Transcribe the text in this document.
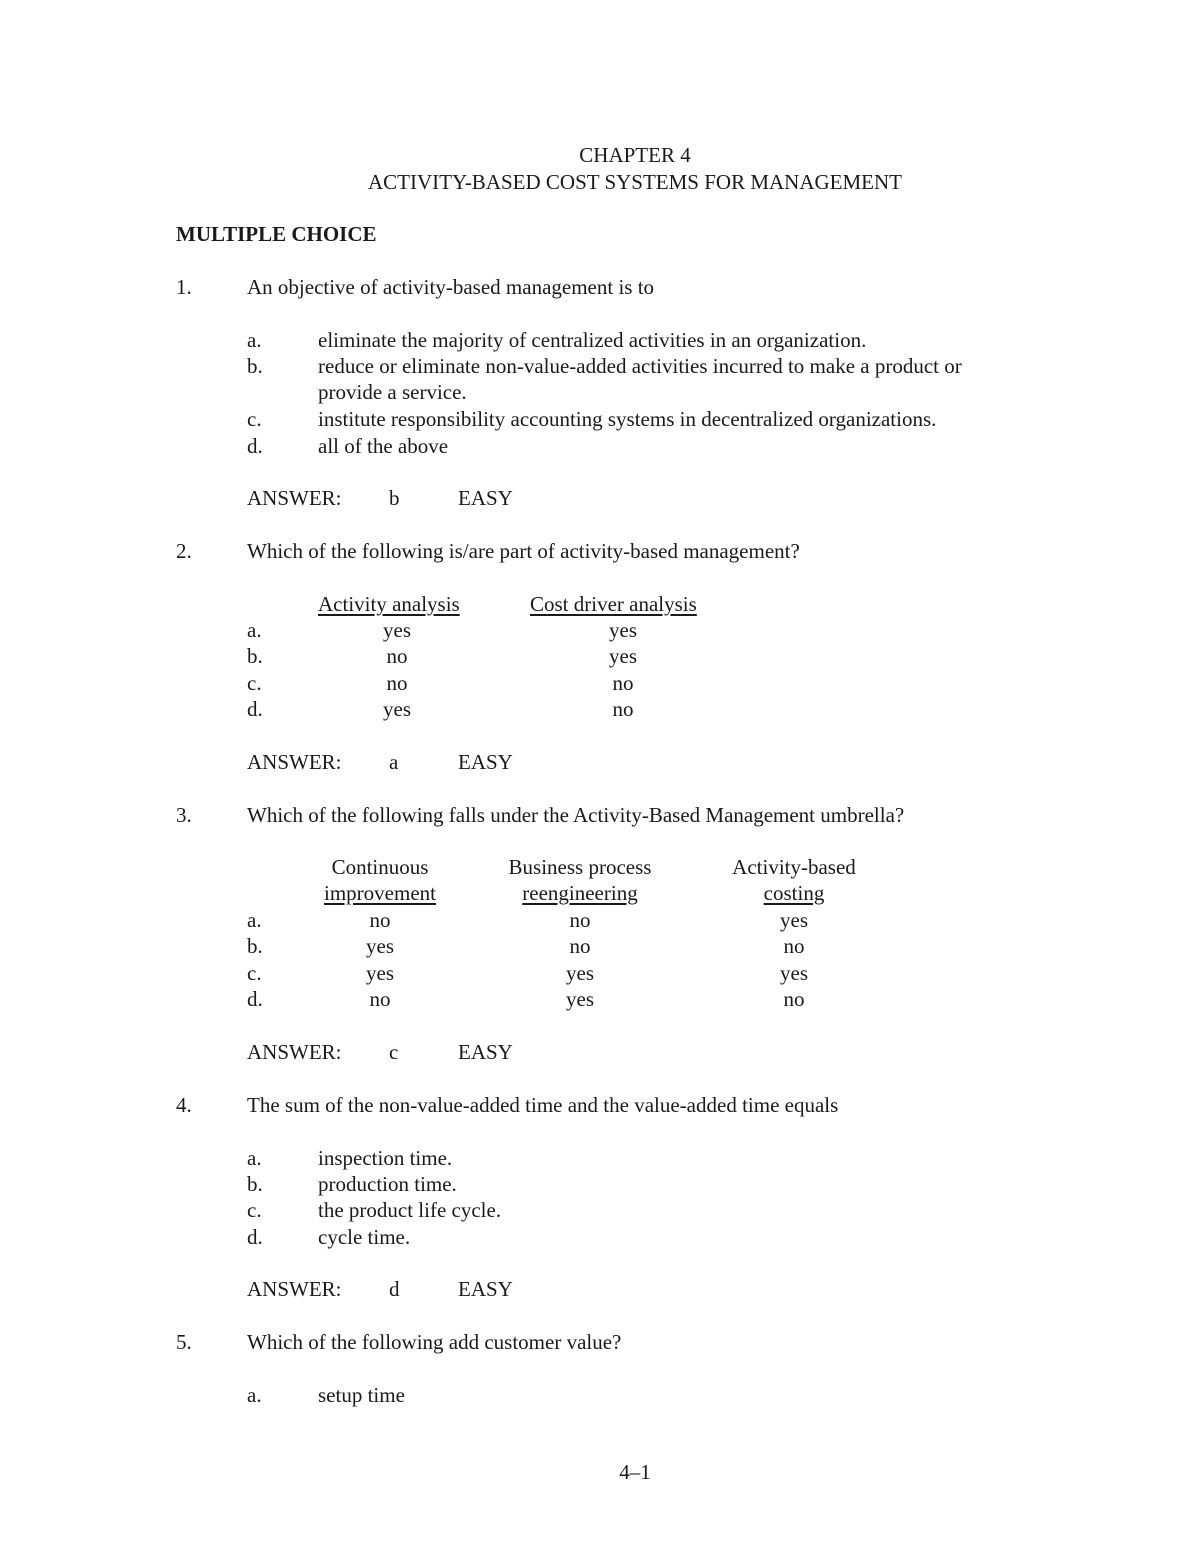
CHAPTER 4
ACTIVITY-BASED COST SYSTEMS FOR MANAGEMENT
MULTIPLE CHOICE
1.	An objective of activity-based management is to
a.	eliminate the majority of centralized activities in an organization.
b.	reduce or eliminate non-value-added activities incurred to make a product or
provide a service.
c.	institute responsibility accounting systems in decentralized organizations.
d.	all of the above
ANSWER: b	EASY
2.	Which of the following is/are part of activity-based management?
Activity analysis	Cost driver analysis
a.	yes	yes
b.	no	yes
c.	no	no
d.	yes	no
ANSWER: a	EASY
3.	Which of the following falls under the Activity-Based Management umbrella?
Continuous	Business process	Activity-based
improvement	reengineering	costing
a.	no	no	yes
b.	yes	no	no
c.	yes	yes	yes
d.	no	yes	no
ANSWER: c	EASY
4.	The sum of the non-value-added time and the value-added time equals
a.	inspection time.
b.	production time.
c.	the product life cycle.
d.	cycle time.
ANSWER: d	EASY
5.	Which of the following add customer value?
a.	setup time
4–1
